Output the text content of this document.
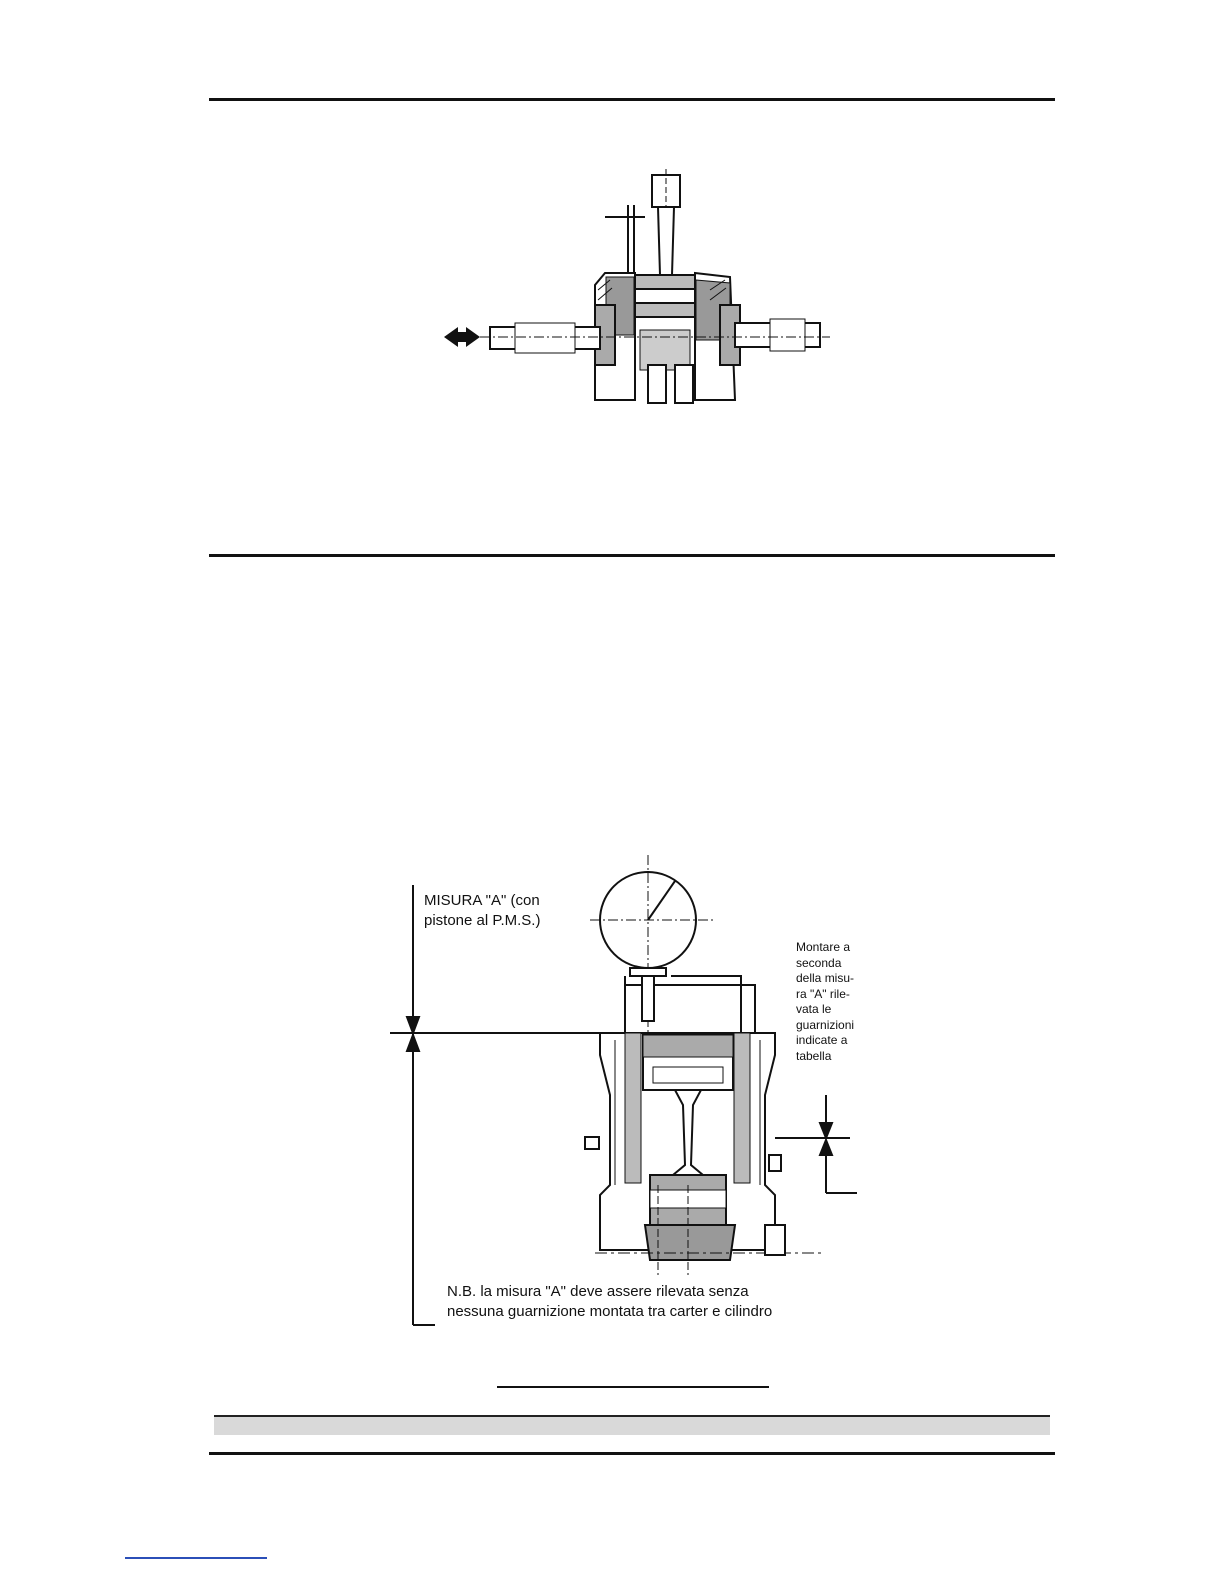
MISURA "A" (con
pistone al P.M.S.)
Montare a
seconda
della misu-
ra "A" rile-
vata le
guarnizioni
indicate a
tabella
N.B. la misura "A" deve assere rilevata senza
nessuna guarnizione montata tra carter e cilindro
